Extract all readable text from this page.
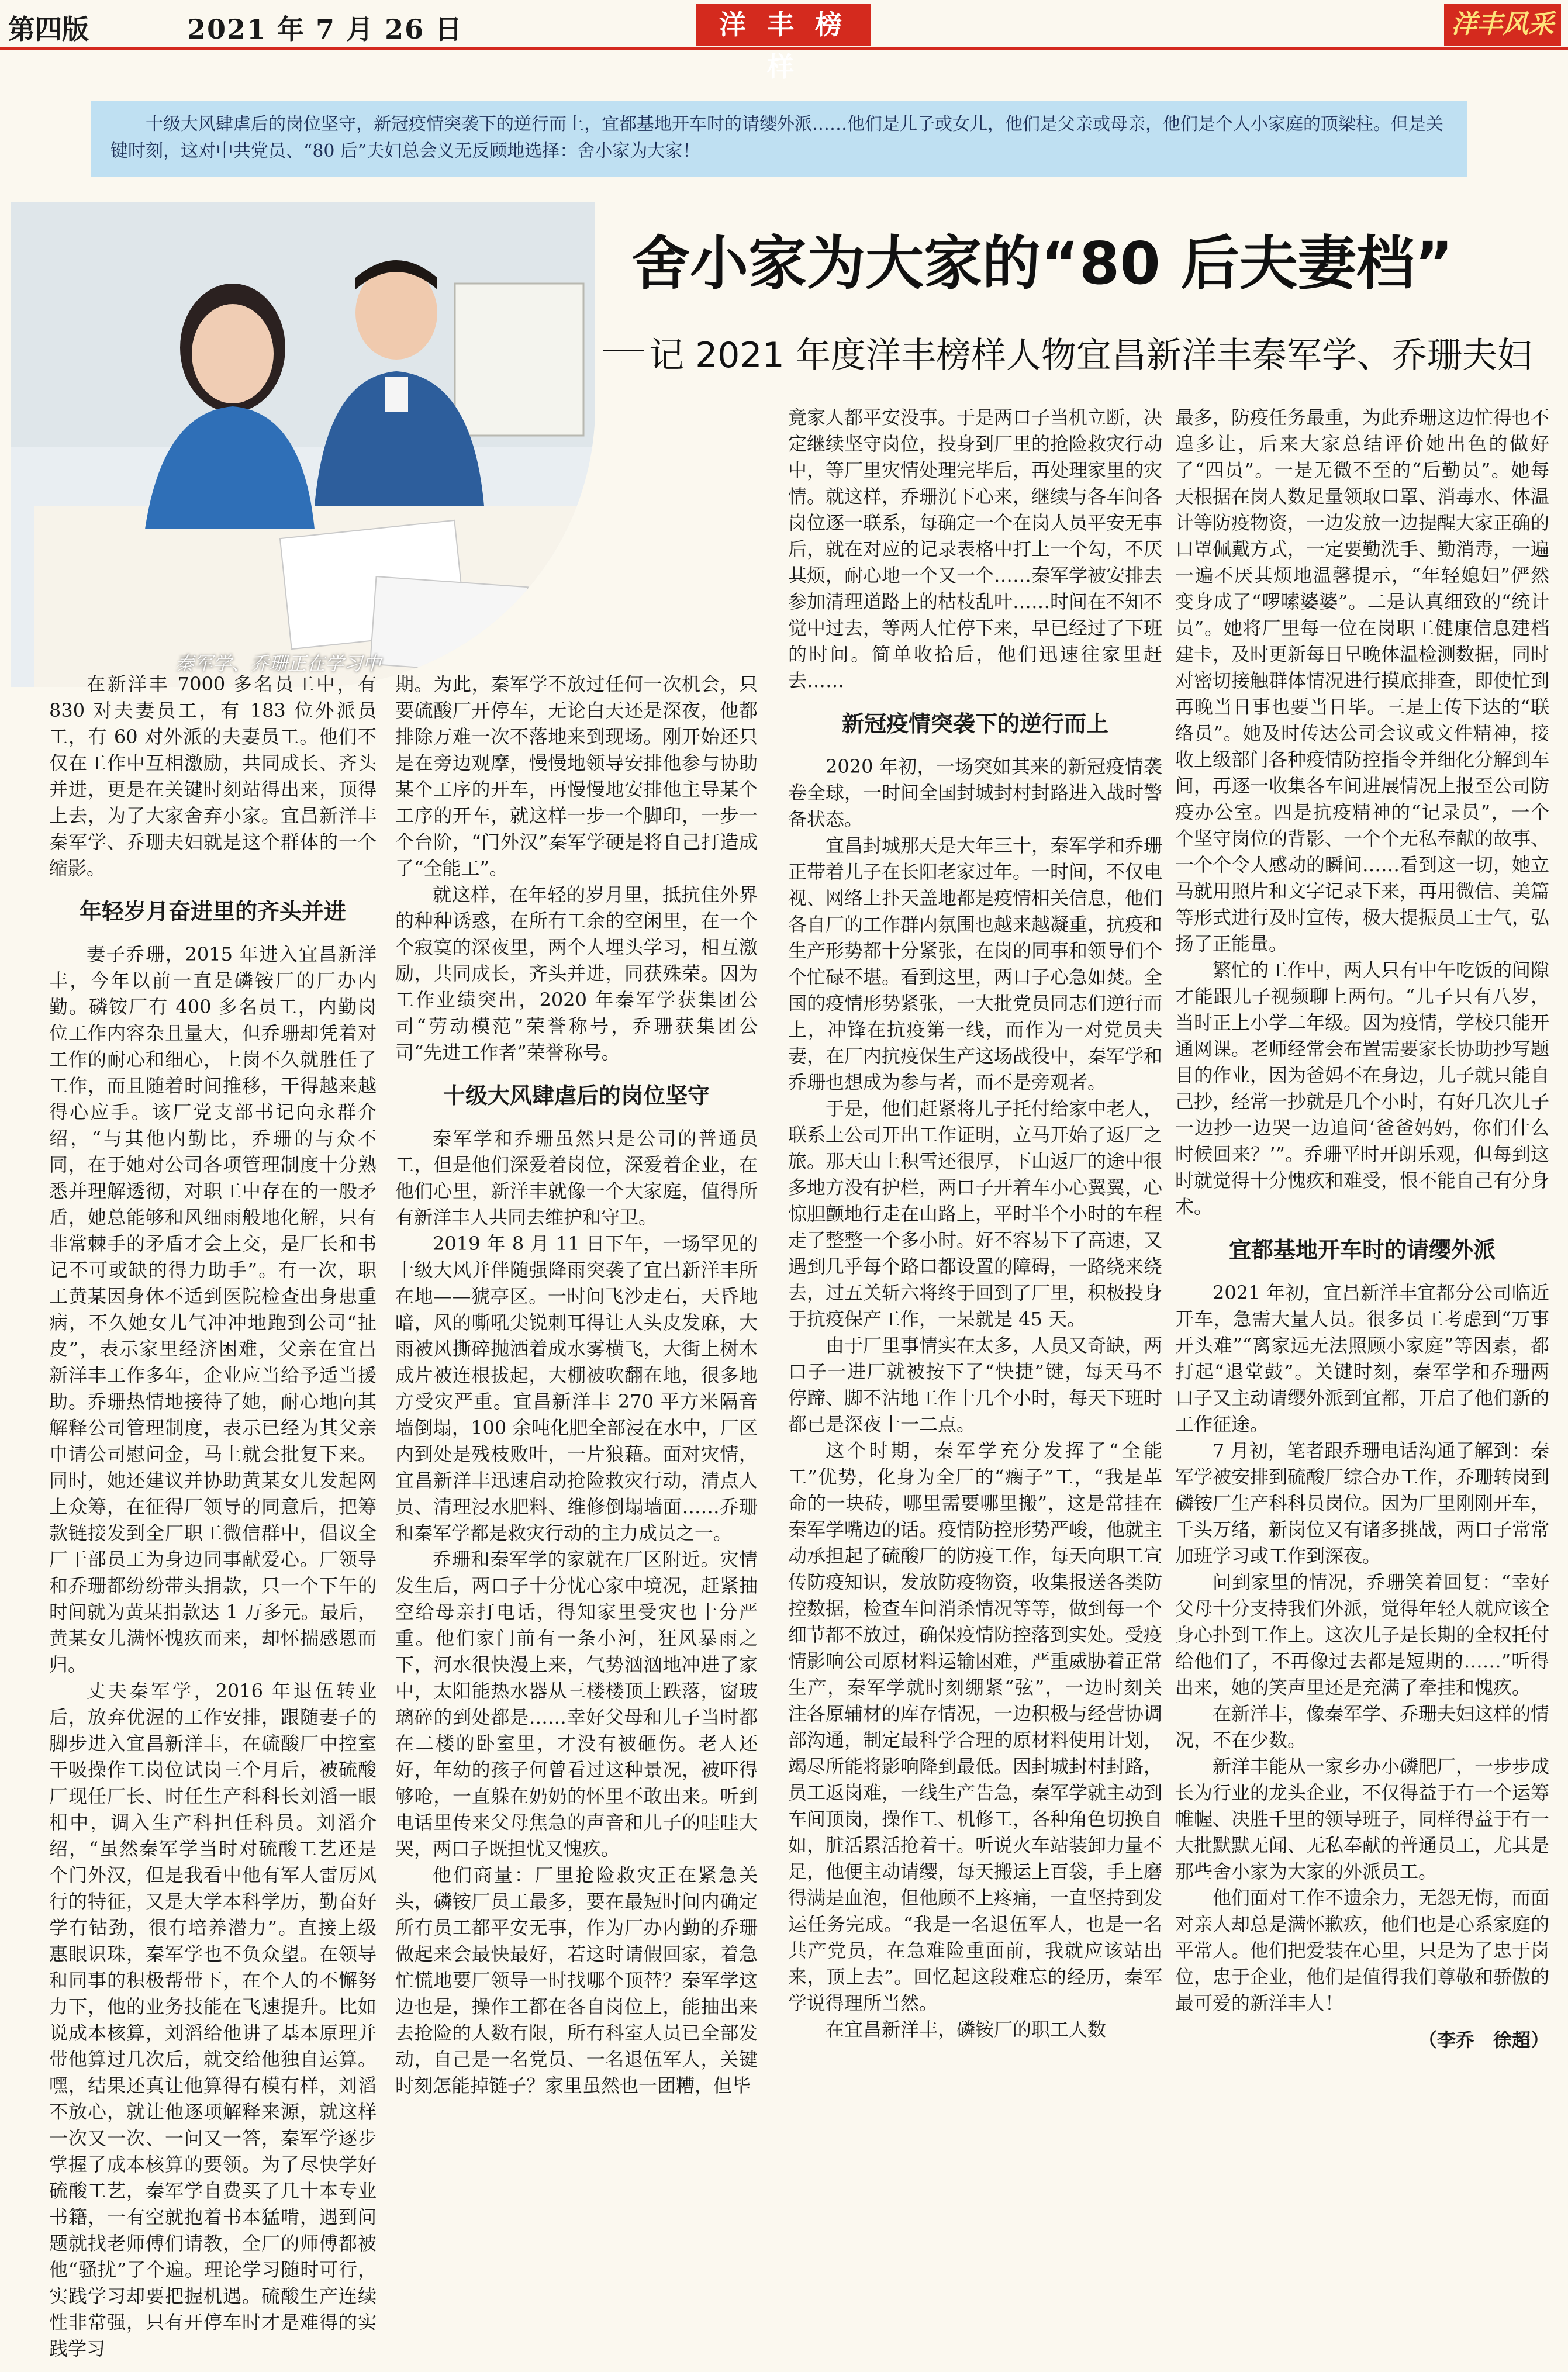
第四版	2021 年 7 月 26 日	洋 丰 榜 样
洋丰风采
十级大风肆虐后的岗位坚守，新冠疫情突袭下的逆行而上，宜都基地开车时的请缨外派……他们是儿子或女儿，他们是父亲或母亲，他们是个人小家庭的顶梁柱。但是关键时刻，这对中共党员、“80 后”夫妇总会义无反顾地选择：舍小家为大家！
秦军学、乔珊正在学习中
舍小家为大家的“80 后夫妻档”
记 2021 年度洋丰榜样人物宜昌新洋丰秦军学、乔珊夫妇

在新洋丰 7000 多名员工中，有 830 对夫妻员工，有 183 位外派员工，有 60 对外派的夫妻员工。他们不仅在工作中互相激励，共同成长、齐头并进，更是在关键时刻站得出来，顶得上去，为了大家舍弃小家。宜昌新洋丰秦军学、乔珊夫妇就是这个群体的一个缩影。

年轻岁月奋进里的齐头并进

妻子乔珊，2015 年进入宜昌新洋丰，今年以前一直是磷铵厂的厂办内勤。磷铵厂有 400 多名员工，内勤岗位工作内容杂且量大，但乔珊却凭着对工作的耐心和细心，上岗不久就胜任了工作，而且随着时间推移，干得越来越得心应手。该厂党支部书记向永群介绍，“与其他内勤比，乔珊的与众不同，在于她对公司各项管理制度十分熟悉并理解透彻，对职工中存在的一般矛盾，她总能够和风细雨般地化解，只有非常棘手的矛盾才会上交，是厂长和书记不可或缺的得力助手”。有一次，职工黄某因身体不适到医院检查出身患重病，不久她女儿气冲冲地跑到公司“扯皮”，表示家里经济困难，父亲在宜昌新洋丰工作多年，企业应当给予适当援助。乔珊热情地接待了她，耐心地向其解释公司管理制度，表示已经为其父亲申请公司慰问金，马上就会批复下来。同时，她还建议并协助黄某女儿发起网上众筹，在征得厂领导的同意后，把筹款链接发到全厂职工微信群中，倡议全厂干部员工为身边同事献爱心。厂领导和乔珊都纷纷带头捐款，只一个下午的时间就为黄某捐款达 1 万多元。最后，黄某女儿满怀愧疚而来，却怀揣感恩而归。

丈夫秦军学，2016 年退伍转业后，放弃优渥的工作安排，跟随妻子的脚步进入宜昌新洋丰，在硫酸厂中控室干吸操作工岗位试岗三个月后，被硫酸厂现任厂长、时任生产科科长刘滔一眼相中，调入生产科担任科员。刘滔介绍，“虽然秦军学当时对硫酸工艺还是个门外汉，但是我看中他有军人雷厉风行的特征，又是大学本科学历，勤奋好学有钻劲，很有培养潜力”。直接上级惠眼识珠，秦军学也不负众望。在领导和同事的积极帮带下，在个人的不懈努力下，他的业务技能在飞速提升。比如说成本核算，刘滔给他讲了基本原理并带他算过几次后，就交给他独自运算。嘿，结果还真让他算得有模有样，刘滔不放心，就让他逐项解释来源，就这样一次又一次、一问又一答，秦军学逐步掌握了成本核算的要领。为了尽快学好硫酸工艺，秦军学自费买了几十本专业书籍，一有空就抱着书本猛啃，遇到问题就找老师傅们请教，全厂的师傅都被他“骚扰”了个遍。理论学习随时可行，实践学习却要把握机遇。硫酸生产连续性非常强，只有开停车时才是难得的实践学习

期。为此，秦军学不放过任何一次机会，只要硫酸厂开停车，无论白天还是深夜，他都排除万难一次不落地来到现场。刚开始还只是在旁边观摩，慢慢地领导安排他参与协助某个工序的开车，再慢慢地安排他主导某个工序的开车，就这样一步一个脚印，一步一个台阶，“门外汉”秦军学硬是将自己打造成了“全能工”。

就这样，在年轻的岁月里，抵抗住外界的种种诱惑，在所有工余的空闲里，在一个个寂寞的深夜里，两个人埋头学习，相互激励，共同成长，齐头并进，同获殊荣。因为工作业绩突出，2020 年秦军学获集团公司“劳动模范”荣誉称号，乔珊获集团公司“先进工作者”荣誉称号。

十级大风肆虐后的岗位坚守

秦军学和乔珊虽然只是公司的普通员工，但是他们深爱着岗位，深爱着企业，在他们心里，新洋丰就像一个大家庭，值得所有新洋丰人共同去维护和守卫。

2019 年 8 月 11 日下午，一场罕见的十级大风并伴随强降雨突袭了宜昌新洋丰所在地——猇亭区。一时间飞沙走石，天昏地暗，风的嘶吼尖锐刺耳得让人头皮发麻，大雨被风撕碎抛洒着成水雾横飞，大街上树木成片被连根拔起，大棚被吹翻在地，很多地方受灾严重。宜昌新洋丰 270 平方米隔音墙倒塌，100 余吨化肥全部浸在水中，厂区内到处是残枝败叶，一片狼藉。面对灾情，宜昌新洋丰迅速启动抢险救灾行动，清点人员、清理浸水肥料、维修倒塌墙面……乔珊和秦军学都是救灾行动的主力成员之一。

乔珊和秦军学的家就在厂区附近。灾情发生后，两口子十分忧心家中境况，赶紧抽空给母亲打电话，得知家里受灾也十分严重。他们家门前有一条小河，狂风暴雨之下，河水很快漫上来，气势汹汹地冲进了家中，太阳能热水器从三楼楼顶上跌落，窗玻璃碎的到处都是……幸好父母和儿子当时都在二楼的卧室里，才没有被砸伤。老人还好，年幼的孩子何曾看过这种景况，被吓得够呛，一直躲在奶奶的怀里不敢出来。听到电话里传来父母焦急的声音和儿子的哇哇大哭，两口子既担忧又愧疚。

他们商量：厂里抢险救灾正在紧急关头，磷铵厂员工最多，要在最短时间内确定所有员工都平安无事，作为厂办内勤的乔珊做起来会最快最好，若这时请假回家，着急忙慌地要厂领导一时找哪个顶替？秦军学这边也是，操作工都在各自岗位上，能抽出来去抢险的人数有限，所有科室人员已全部发动，自己是一名党员、一名退伍军人，关键时刻怎能掉链子？家里虽然也一团糟，但毕

竟家人都平安没事。于是两口子当机立断，决定继续坚守岗位，投身到厂里的抢险救灾行动中，等厂里灾情处理完毕后，再处理家里的灾情。就这样，乔珊沉下心来，继续与各车间各岗位逐一联系，每确定一个在岗人员平安无事后，就在对应的记录表格中打上一个勾，不厌其烦，耐心地一个又一个……秦军学被安排去参加清理道路上的枯枝乱叶……时间在不知不觉中过去，等两人忙停下来，早已经过了下班的时间。简单收拾后，他们迅速往家里赶去……

新冠疫情突袭下的逆行而上

2020 年初，一场突如其来的新冠疫情袭卷全球，一时间全国封城封村封路进入战时警备状态。

宜昌封城那天是大年三十，秦军学和乔珊正带着儿子在长阳老家过年。一时间，不仅电视、网络上扑天盖地都是疫情相关信息，他们各自厂的工作群内氛围也越来越凝重，抗疫和生产形势都十分紧张，在岗的同事和领导们个个忙碌不堪。看到这里，两口子心急如焚。全国的疫情形势紧张，一大批党员同志们逆行而上，冲锋在抗疫第一线，而作为一对党员夫妻，在厂内抗疫保生产这场战役中，秦军学和乔珊也想成为参与者，而不是旁观者。

于是，他们赶紧将儿子托付给家中老人，联系上公司开出工作证明，立马开始了返厂之旅。那天山上积雪还很厚，下山返厂的途中很多地方没有护栏，两口子开着车小心翼翼，心惊胆颤地行走在山路上，平时半个小时的车程走了整整一个多小时。好不容易下了高速，又遇到几乎每个路口都设置的障碍，一路绕来绕去，过五关斩六将终于回到了厂里，积极投身于抗疫保产工作，一呆就是 45 天。

由于厂里事情实在太多，人员又奇缺，两口子一进厂就被按下了“快捷”键，每天马不停蹄、脚不沾地工作十几个小时，每天下班时都已是深夜十一二点。

这个时期，秦军学充分发挥了“全能工”优势，化身为全厂的“瘸子”工，“我是革命的一块砖，哪里需要哪里搬”，这是常挂在秦军学嘴边的话。疫情防控形势严峻，他就主动承担起了硫酸厂的防疫工作，每天向职工宣传防疫知识，发放防疫物资，收集报送各类防控数据，检查车间消杀情况等等，做到每一个细节都不放过，确保疫情防控落到实处。受疫情影响公司原材料运输困难，严重威胁着正常生产，秦军学就时刻绷紧“弦”，一边时刻关注各原辅材的库存情况，一边积极与经营协调部沟通，制定最科学合理的原材料使用计划，竭尽所能将影响降到最低。因封城封村封路，员工返岗难，一线生产告急，秦军学就主动到车间顶岗，操作工、机修工，各种角色切换自如，脏活累活抢着干。听说火车站装卸力量不足，他便主动请缨，每天搬运上百袋，手上磨得满是血泡，但他顾不上疼痛，一直坚持到发运任务完成。“我是一名退伍军人，也是一名共产党员，在急难险重面前，我就应该站出来，顶上去”。回忆起这段难忘的经历，秦军学说得理所当然。

在宜昌新洋丰，磷铵厂的职工人数

最多，防疫任务最重，为此乔珊这边忙得也不遑多让，后来大家总结评价她出色的做好了“四员”。一是无微不至的“后勤员”。她每天根据在岗人数足量领取口罩、消毒水、体温计等防疫物资，一边发放一边提醒大家正确的口罩佩戴方式，一定要勤洗手、勤消毒，一遍一遍不厌其烦地温馨提示，“年轻媳妇”俨然变身成了“啰嗦婆婆”。二是认真细致的“统计员”。她将厂里每一位在岗职工健康信息建档建卡，及时更新每日早晚体温检测数据，同时对密切接触群体情况进行摸底排查，即使忙到再晚当日事也要当日毕。三是上传下达的“联络员”。她及时传达公司会议或文件精神，接收上级部门各种疫情防控指令并细化分解到车间，再逐一收集各车间进展情况上报至公司防疫办公室。四是抗疫精神的“记录员”，一个个坚守岗位的背影、一个个无私奉献的故事、一个个令人感动的瞬间……看到这一切，她立马就用照片和文字记录下来，再用微信、美篇等形式进行及时宣传，极大提振员工士气，弘扬了正能量。

繁忙的工作中，两人只有中午吃饭的间隙才能跟儿子视频聊上两句。“儿子只有八岁，当时正上小学二年级。因为疫情，学校只能开通网课。老师经常会布置需要家长协助抄写题目的作业，因为爸妈不在身边，儿子就只能自己抄，经常一抄就是几个小时，有好几次儿子一边抄一边哭一边追问‘爸爸妈妈，你们什么时候回来？’”。乔珊平时开朗乐观，但每到这时就觉得十分愧疚和难受，恨不能自己有分身术。

宜都基地开车时的请缨外派

2021 年初，宜昌新洋丰宜都分公司临近开车，急需大量人员。很多员工考虑到“万事开头难”“离家远无法照顾小家庭”等因素，都打起“退堂鼓”。关键时刻，秦军学和乔珊两口子又主动请缨外派到宜都，开启了他们新的工作征途。

7 月初，笔者跟乔珊电话沟通了解到：秦军学被安排到硫酸厂综合办工作，乔珊转岗到磷铵厂生产科科员岗位。因为厂里刚刚开车，千头万绪，新岗位又有诸多挑战，两口子常常加班学习或工作到深夜。

问到家里的情况，乔珊笑着回复：“幸好父母十分支持我们外派，觉得年轻人就应该全身心扑到工作上。这次儿子是长期的全权托付给他们了，不再像过去都是短期的……”听得出来，她的笑声里还是充满了牵挂和愧疚。

在新洋丰，像秦军学、乔珊夫妇这样的情况，不在少数。

新洋丰能从一家乡办小磷肥厂，一步步成长为行业的龙头企业，不仅得益于有一个运筹帷幄、决胜千里的领导班子，同样得益于有一大批默默无闻、无私奉献的普通员工，尤其是那些舍小家为大家的外派员工。

他们面对工作不遗余力，无怨无悔，而面对亲人却总是满怀歉疚，他们也是心系家庭的平常人。他们把爱装在心里，只是为了忠于岗位，忠于企业，他们是值得我们尊敬和骄傲的最可爱的新洋丰人！

（李乔　徐超）
